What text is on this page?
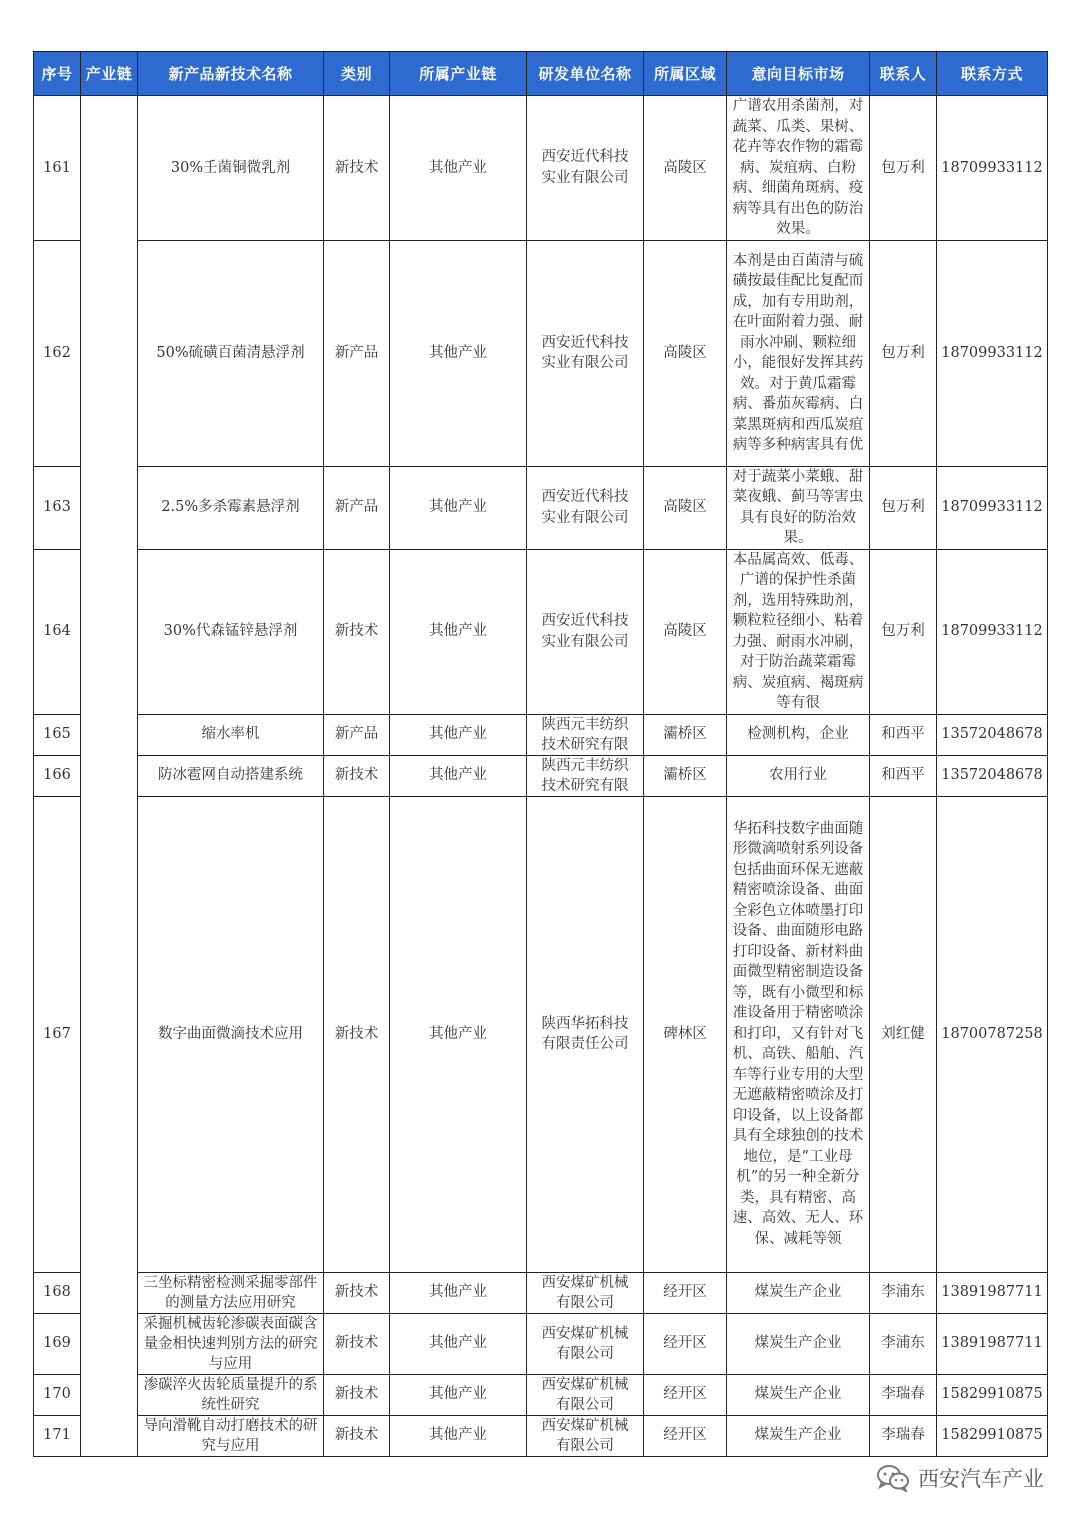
序号	产业链	新产品新技术名称	类别	所属产业链	研发单位名称	所属区域	意向目标市场	联系人	联系方式

161		30%壬菌铜微乳剂	新技术	其他产业	西安近代科技实业有限公司	高陵区	广谱农用杀菌剂，对蔬菜、瓜类、果树、花卉等农作物的霜霉病、炭疽病、白粉病、细菌角斑病、疫病等具有出色的防治效果。	包万利	18709933112

162		50%硫磺百菌清悬浮剂	新产品	其他产业	西安近代科技实业有限公司	高陵区	本剂是由百菌清与硫磺按最佳配比复配而成，加有专用助剂，在叶面附着力强、耐雨水冲刷、颗粒细小，能很好发挥其药效。对于黄瓜霜霉病、番茄灰霉病、白菜黑斑病和西瓜炭疽病等多种病害具有优	包万利	18709933112

163		2.5%多杀霉素悬浮剂	新产品	其他产业	西安近代科技实业有限公司	高陵区	对于蔬菜小菜蛾、甜菜夜蛾、蓟马等害虫具有良好的防治效果。	包万利	18709933112

164		30%代森锰锌悬浮剂	新技术	其他产业	西安近代科技实业有限公司	高陵区	本品属高效、低毒、广谱的保护性杀菌剂，选用特殊助剂，颗粒粒径细小、粘着力强、耐雨水冲刷，对于防治蔬菜霜霉病、炭疽病、褐斑病等有很	包万利	18709933112

165		缩水率机	新产品	其他产业	陕西元丰纺织技术研究有限	灞桥区	检测机构，企业	和西平	13572048678

166		防冰雹网自动搭建系统	新技术	其他产业	陕西元丰纺织技术研究有限	灞桥区	农用行业	和西平	13572048678

167		数字曲面微滴技术应用	新技术	其他产业	陕西华拓科技有限责任公司	碑林区	华拓科技数字曲面随形微滴喷射系列设备包括曲面环保无遮蔽精密喷涂设备、曲面全彩色立体喷墨打印设备、曲面随形电路打印设备、新材料曲面微型精密制造设备等，既有小微型和标准设备用于精密喷涂和打印，又有针对飞机、高铁、船舶、汽车等行业专用的大型无遮蔽精密喷涂及打印设备，以上设备都具有全球独创的技术地位，是“工业母机”的另一种全新分类，具有精密、高速、高效、无人、环保、减耗等领	刘红健	18700787258

168		三坐标精密检测采掘零部件的测量方法应用研究	新技术	其他产业	西安煤矿机械有限公司	经开区	煤炭生产企业	李浦东	13891987711

169		采掘机械齿轮渗碳表面碳含量金相快速判别方法的研究与应用	新技术	其他产业	西安煤矿机械有限公司	经开区	煤炭生产企业	李浦东	13891987711

170		渗碳淬火齿轮质量提升的系统性研究	新技术	其他产业	西安煤矿机械有限公司	经开区	煤炭生产企业	李瑞春	15829910875

171		导向滑靴自动打磨技术的研究与应用	新技术	其他产业	西安煤矿机械有限公司	经开区	煤炭生产企业	李瑞春	15829910875
西安汽车产业
